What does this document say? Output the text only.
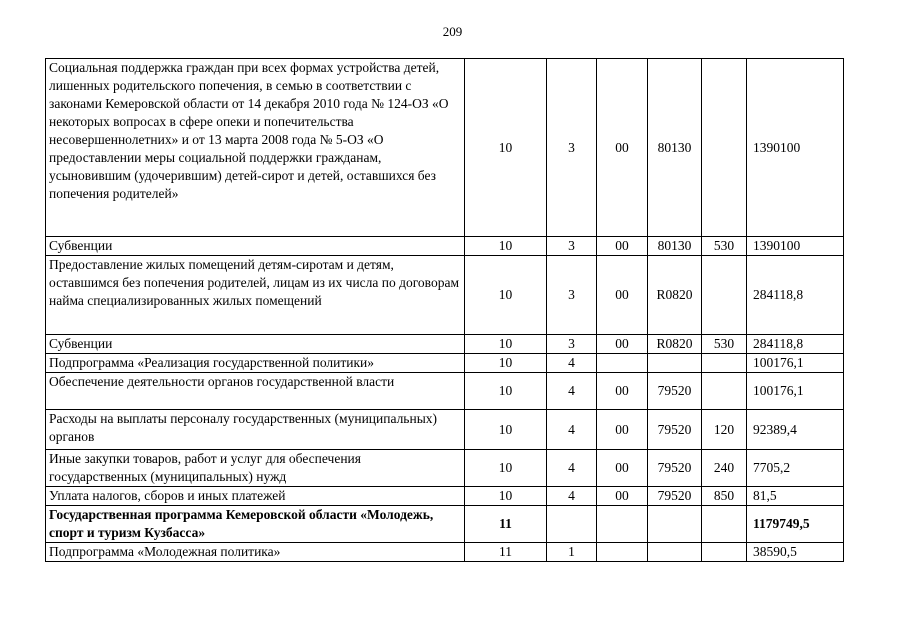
209
Социальная поддержка граждан при всех формах устройства детей, лишенных родительского попечения, в семью в соответствии с законами Кемеровской области от 14 декабря 2010 года № 124-ОЗ «О некоторых вопросах в сфере опеки и попечительства несовершеннолетних» и от 13 марта 2008 года № 5-ОЗ «О предоставлении меры социальной поддержки гражданам, усыновившим (удочерившим) детей-сирот и детей, оставшихся без попечения родителей»	10	3	00	80130		1390100
Субвенции	10	3	00	80130	530	1390100
Предоставление жилых помещений детям-сиротам и детям, оставшимся без попечения родителей, лицам из их числа по договорам найма специализированных жилых помещений	10	3	00	R0820		284118,8
Субвенции	10	3	00	R0820	530	284118,8
Подпрограмма «Реализация государственной политики»	10	4				100176,1
Обеспечение деятельности органов государственной власти	10	4	00	79520		100176,1
Расходы на выплаты персоналу государственных (муниципальных) органов	10	4	00	79520	120	92389,4
Иные закупки товаров, работ и услуг для обеспечения государственных (муниципальных) нужд	10	4	00	79520	240	7705,2
Уплата налогов, сборов и иных платежей	10	4	00	79520	850	81,5
Государственная программа Кемеровской области «Молодежь, спорт и туризм Кузбасса»	11					1179749,5
Подпрограмма «Молодежная политика»	11	1				38590,5
